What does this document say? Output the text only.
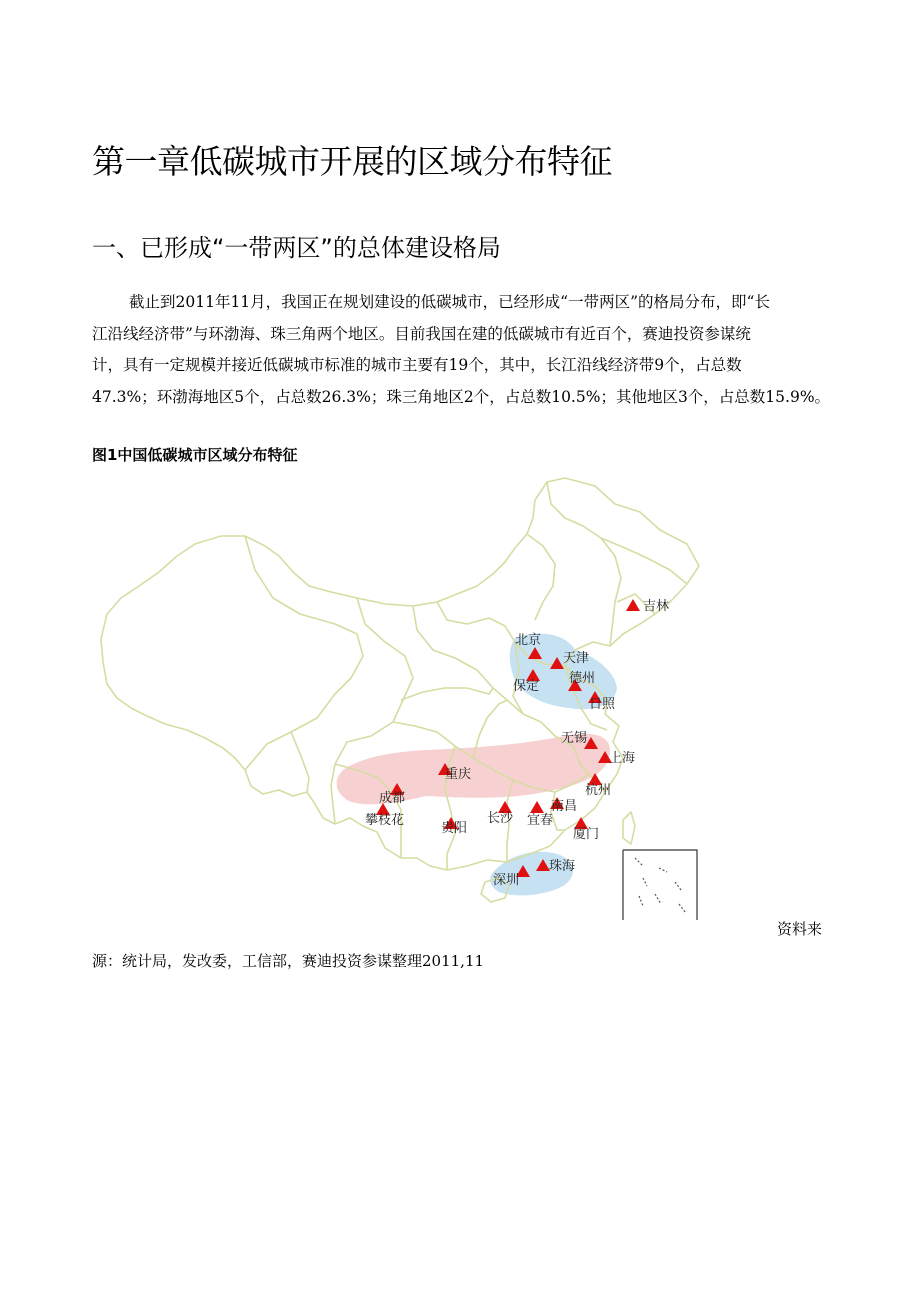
第一章低碳城市开展的区域分布特征
一、已形成“一带两区”的总体建设格局
截止到2011年11月，我国正在规划建设的低碳城市，已经形成“一带两区”的格局分布，即“长
江沿线经济带”与环渤海、珠三角两个地区。目前我国在建的低碳城市有近百个，赛迪投资参谋统
计，具有一定规模并接近低碳城市标准的城市主要有19个，其中，长江沿线经济带9个，占总数
47.3%；环渤海地区5个，占总数26.3%；珠三角地区2个，占总数10.5%；其他地区3个，占总数15.9%。
图1中国低碳城市区域分布特征
吉林
北京
天津
保定
德州
日照
无锡
上海
杭州
重庆
成都
攀枝花
贵阳
长沙 宜春
南昌
厦门
深圳
珠海
资料来
源：统计局，发改委，工信部，赛迪投资参谋整理2011,11
